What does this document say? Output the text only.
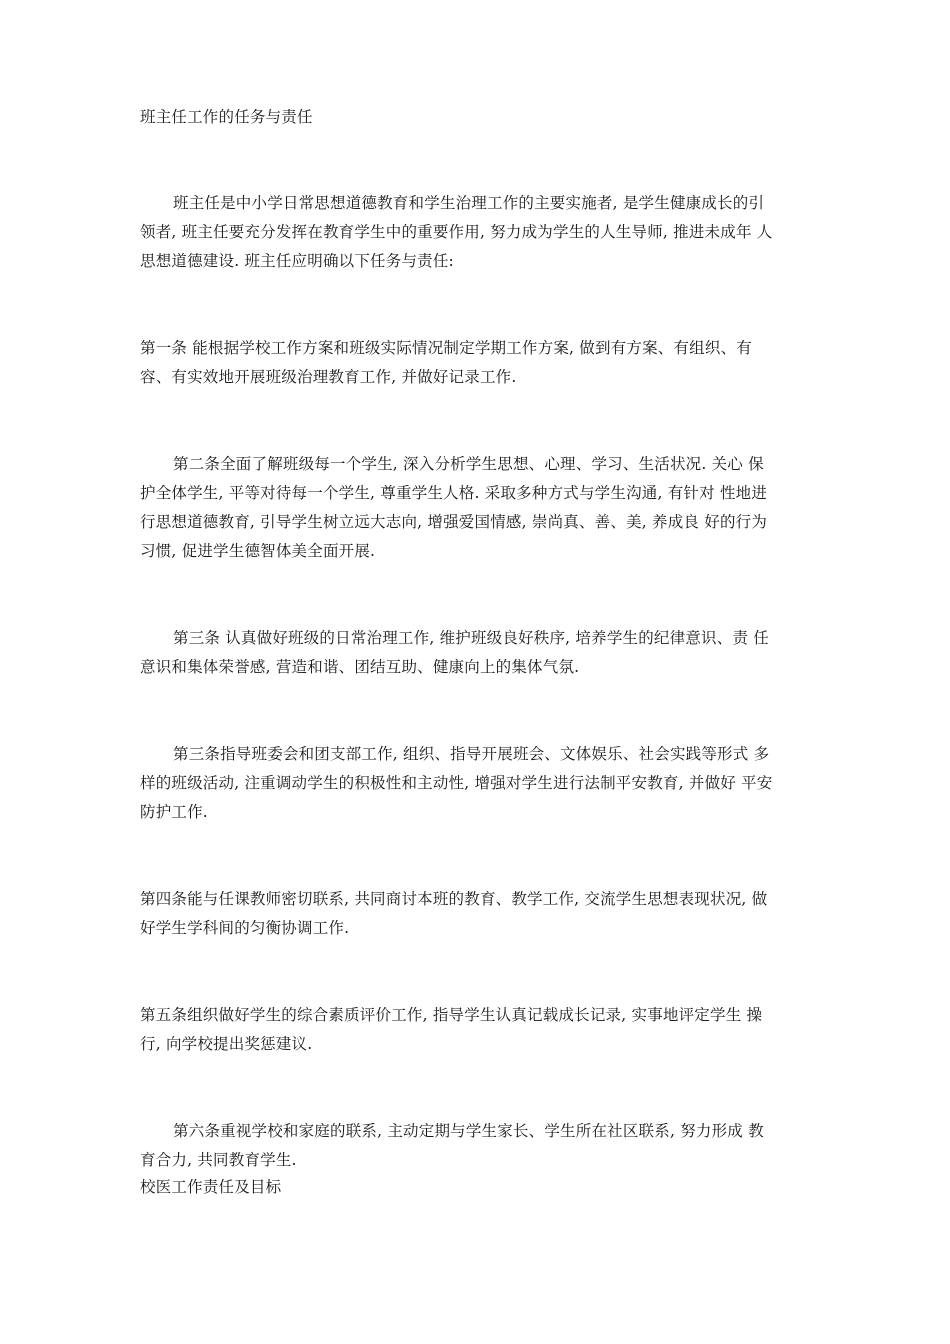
班主任工作的任务与责任
班主任是中小学日常思想道德教育和学生治理工作的主要实施者, 是学生健康成长的引
领者, 班主任要充分发挥在教育学生中的重要作用, 努力成为学生的人生导师, 推进未成年 人
思想道德建设. 班主任应明确以下任务与责任:
第一条 能根据学校工作方案和班级实际情况制定学期工作方案, 做到有方案、有组织、有
容、有实效地开展班级治理教育工作, 并做好记录工作.
第二条全面了解班级每一个学生, 深入分析学生思想、心理、学习、生活状况. 关心 保
护全体学生, 平等对待每一个学生, 尊重学生人格. 采取多种方式与学生沟通, 有针对 性地进
行思想道德教育, 引导学生树立远大志向, 增强爱国情感, 崇尚真、善、美, 养成良 好的行为
习惯, 促进学生德智体美全面开展.
第三条 认真做好班级的日常治理工作, 维护班级良好秩序, 培养学生的纪律意识、责 任
意识和集体荣誉感, 营造和谐、团结互助、健康向上的集体气氛.
第三条指导班委会和团支部工作, 组织、指导开展班会、文体娱乐、社会实践等形式 多
样的班级活动, 注重调动学生的积极性和主动性, 增强对学生进行法制平安教育, 并做好 平安
防护工作.
第四条能与任课教师密切联系, 共同商讨本班的教育、教学工作, 交流学生思想表现状况, 做
好学生学科间的匀衡协调工作.
第五条组织做好学生的综合素质评价工作, 指导学生认真记载成长记录, 实事地评定学生 操
行, 向学校提出奖惩建议.
第六条重视学校和家庭的联系, 主动定期与学生家长、学生所在社区联系, 努力形成 教
育合力, 共同教育学生.
校医工作责任及目标
